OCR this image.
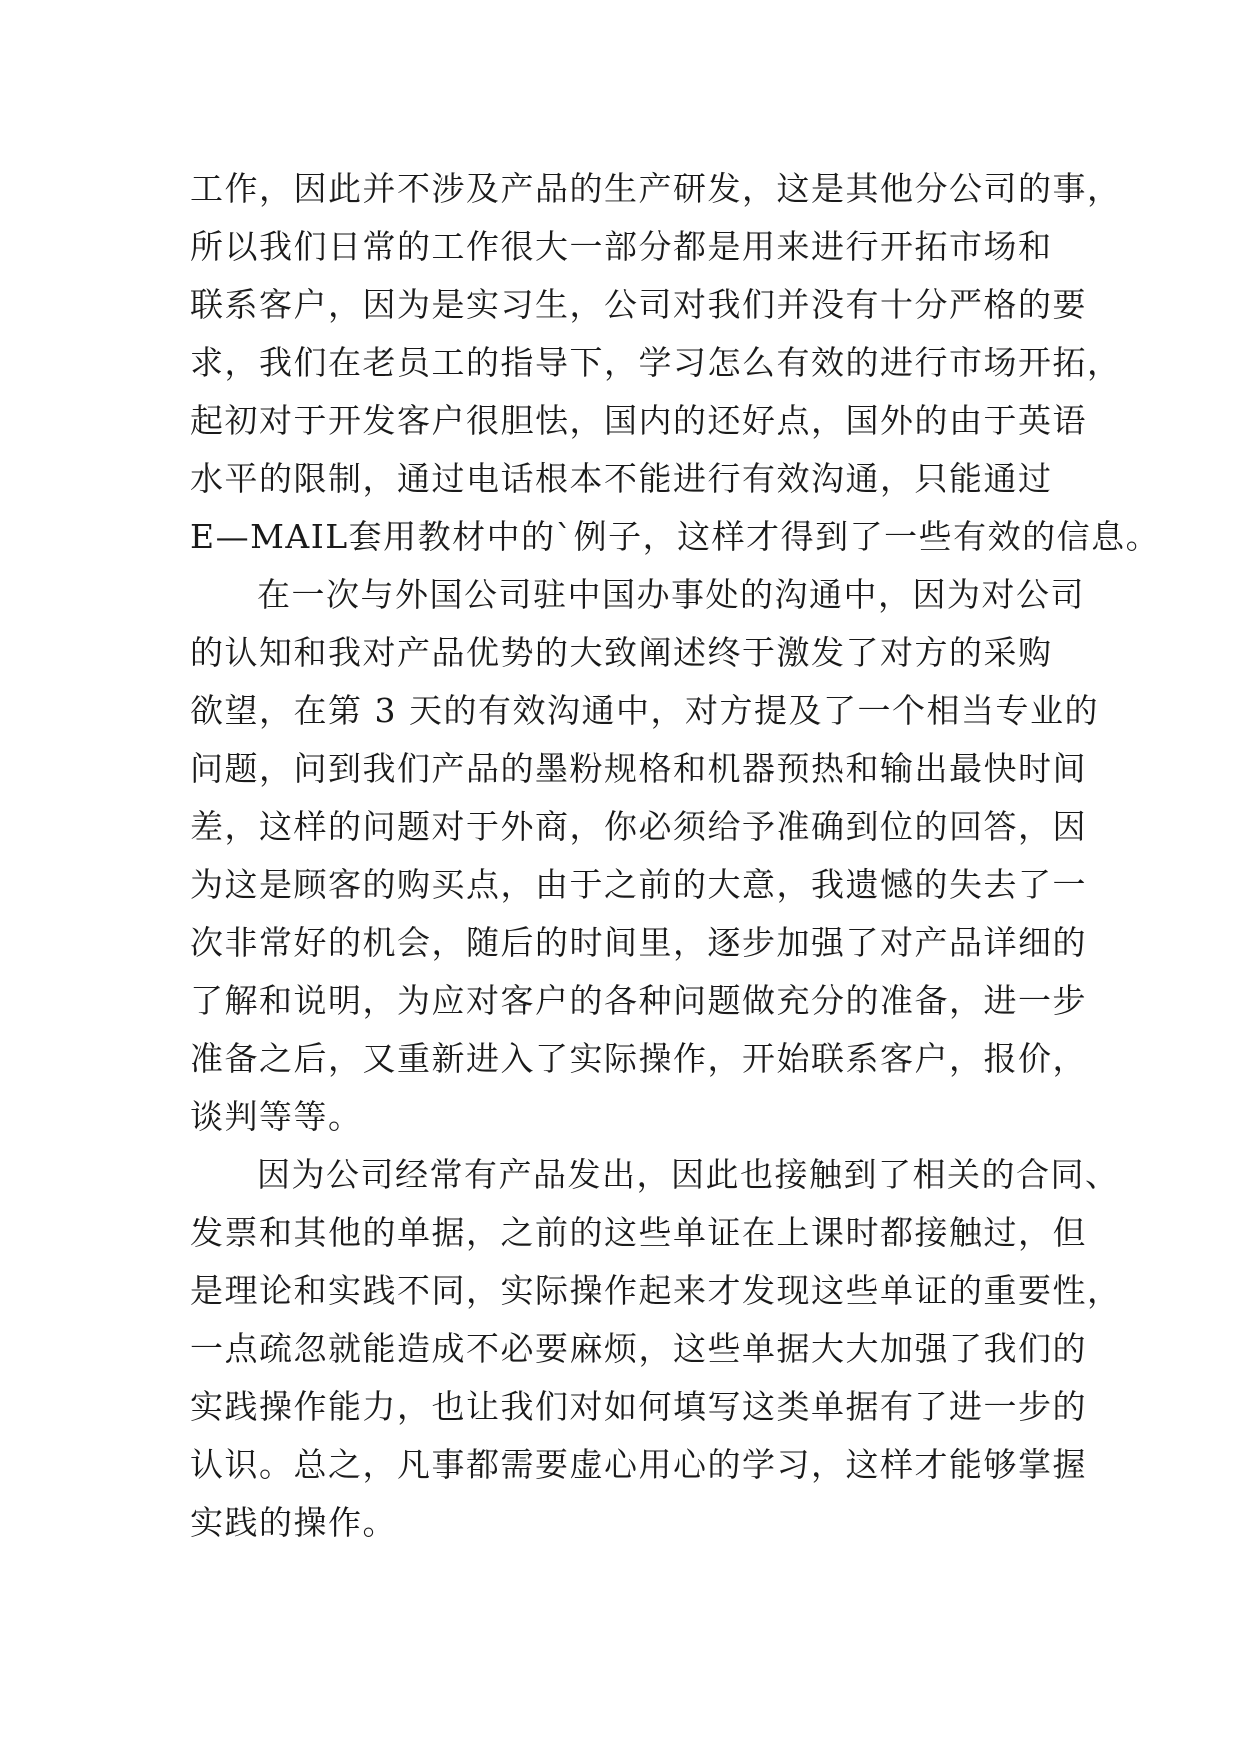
工作，因此并不涉及产品的生产研发，这是其他分公司的事，
所以我们日常的工作很大一部分都是用来进行开拓市场和
联系客户，因为是实习生，公司对我们并没有十分严格的要
求，我们在老员工的指导下，学习怎么有效的进行市场开拓，
起初对于开发客户很胆怯，国内的还好点，国外的由于英语
水平的限制，通过电话根本不能进行有效沟通，只能通过
E—MAIL套用教材中的`例子，这样才得到了一些有效的信息。
在一次与外国公司驻中国办事处的沟通中，因为对公司
的认知和我对产品优势的大致阐述终于激发了对方的采购
欲望，在第 3 天的有效沟通中，对方提及了一个相当专业的
问题，问到我们产品的墨粉规格和机器预热和输出最快时间
差，这样的问题对于外商，你必须给予准确到位的回答，因
为这是顾客的购买点，由于之前的大意，我遗憾的失去了一
次非常好的机会，随后的时间里，逐步加强了对产品详细的
了解和说明，为应对客户的各种问题做充分的准备，进一步
准备之后，又重新进入了实际操作，开始联系客户，报价，
谈判等等。
因为公司经常有产品发出，因此也接触到了相关的合同、
发票和其他的单据，之前的这些单证在上课时都接触过，但
是理论和实践不同，实际操作起来才发现这些单证的重要性，
一点疏忽就能造成不必要麻烦，这些单据大大加强了我们的
实践操作能力，也让我们对如何填写这类单据有了进一步的
认识。总之，凡事都需要虚心用心的学习，这样才能够掌握
实践的操作。
